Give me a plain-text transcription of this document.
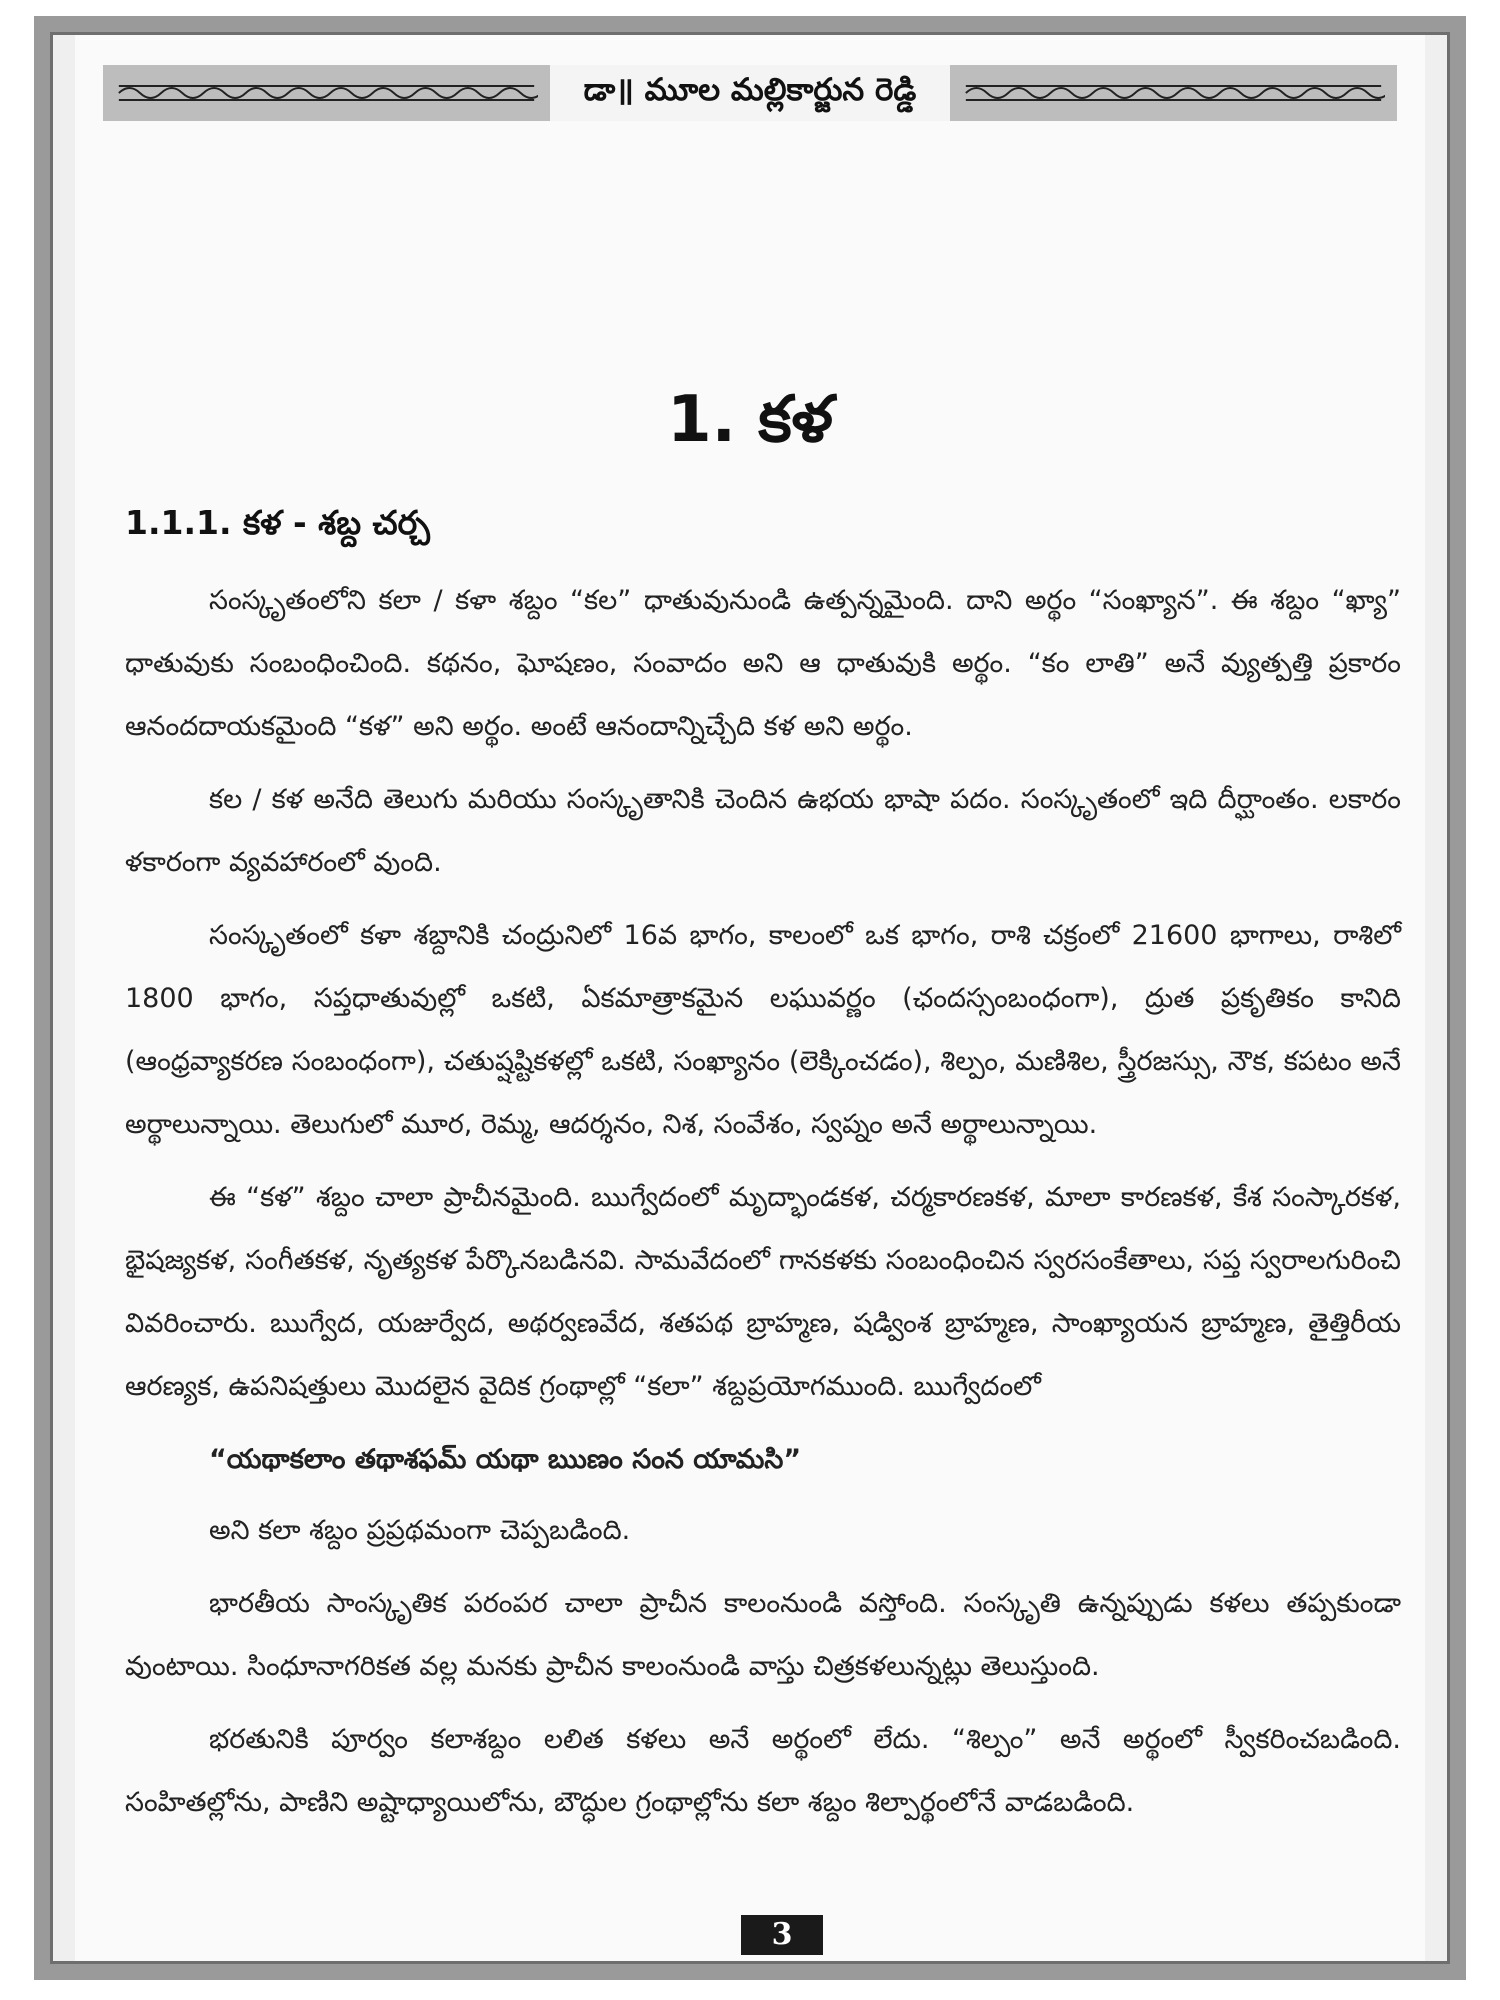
డా॥ మూల మల్లికార్జున రెడ్డి
1. కళ
1.1.1. కళ - శబ్ద చర్చ

సంస్కృతంలోని కలా / కళా శబ్దం “కల” ధాతువునుండి ఉత్పన్నమైంది. దాని అర్థం “సంఖ్యాన”. ఈ శబ్దం “ఖ్యా” ధాతువుకు సంబంధించింది. కథనం, ఘోషణం, సంవాదం అని ఆ ధాతువుకి అర్థం. “కం లాతి” అనే వ్యుత్పత్తి ప్రకారం ఆనందదాయకమైంది “కళ” అని అర్థం. అంటే ఆనందాన్నిచ్చేది కళ అని అర్థం.

కల / కళ అనేది తెలుగు మరియు సంస్కృతానికి చెందిన ఉభయ భాషా పదం. సంస్కృతంలో ఇది దీర్ఘాంతం. లకారం ళకారంగా వ్యవహారంలో వుంది.

సంస్కృతంలో కళా శబ్దానికి చంద్రునిలో 16వ భాగం, కాలంలో ఒక భాగం, రాశి చక్రంలో 21600 భాగాలు, రాశిలో 1800 భాగం, సప్తధాతువుల్లో ఒకటి, ఏకమాత్రాకమైన లఘువర్ణం (ఛందస్సంబంధంగా), ద్రుత ప్రకృతికం కానిది (ఆంధ్రవ్యాకరణ సంబంధంగా), చతుష్షష్టికళల్లో ఒకటి, సంఖ్యానం (లెక్కించడం), శిల్పం, మణిశిల, స్త్రీరజస్సు, నౌక, కపటం అనే అర్థాలున్నాయి. తెలుగులో మూర, రెమ్మ, ఆదర్శనం, నిశ, సంవేశం, స్వప్నం అనే అర్థాలున్నాయి.

ఈ “కళ” శబ్దం చాలా ప్రాచీనమైంది. ఋగ్వేదంలో మృద్భాండకళ, చర్మకారణకళ, మాలా కారణకళ, కేశ సంస్కారకళ, భైషజ్యకళ, సంగీతకళ, నృత్యకళ పేర్కొనబడినవి. సామవేదంలో గానకళకు సంబంధించిన స్వరసంకేతాలు, సప్త స్వరాలగురించి వివరించారు. ఋగ్వేద, యజుర్వేద, అథర్వణవేద, శతపథ బ్రాహ్మణ, షడ్వింశ బ్రాహ్మణ, సాంఖ్యాయన బ్రాహ్మణ, తైత్తిరీయ ఆరణ్యక, ఉపనిషత్తులు మొదలైన వైదిక గ్రంథాల్లో “కలా” శబ్దప్రయోగముంది. ఋగ్వేదంలో

“యథాకలాం తథాశఫమ్ యథా ఋణం సంన యామసి”

అని కలా శబ్దం ప్రప్రథమంగా చెప్పబడింది.

భారతీయ సాంస్కృతిక పరంపర చాలా ప్రాచీన కాలంనుండి వస్తోంది. సంస్కృతి ఉన్నప్పుడు కళలు తప్పకుండా వుంటాయి. సింధూనాగరికత వల్ల మనకు ప్రాచీన కాలంనుండి వాస్తు చిత్రకళలున్నట్లు తెలుస్తుంది.

భరతునికి పూర్వం కలాశబ్దం లలిత కళలు అనే అర్థంలో లేదు. “శిల్పం” అనే అర్థంలో స్వీకరించబడింది. సంహితల్లోను, పాణిని అష్టాధ్యాయిలోను, బౌద్ధుల గ్రంథాల్లోను కలా శబ్దం శిల్పార్థంలోనే వాడబడింది.

3
